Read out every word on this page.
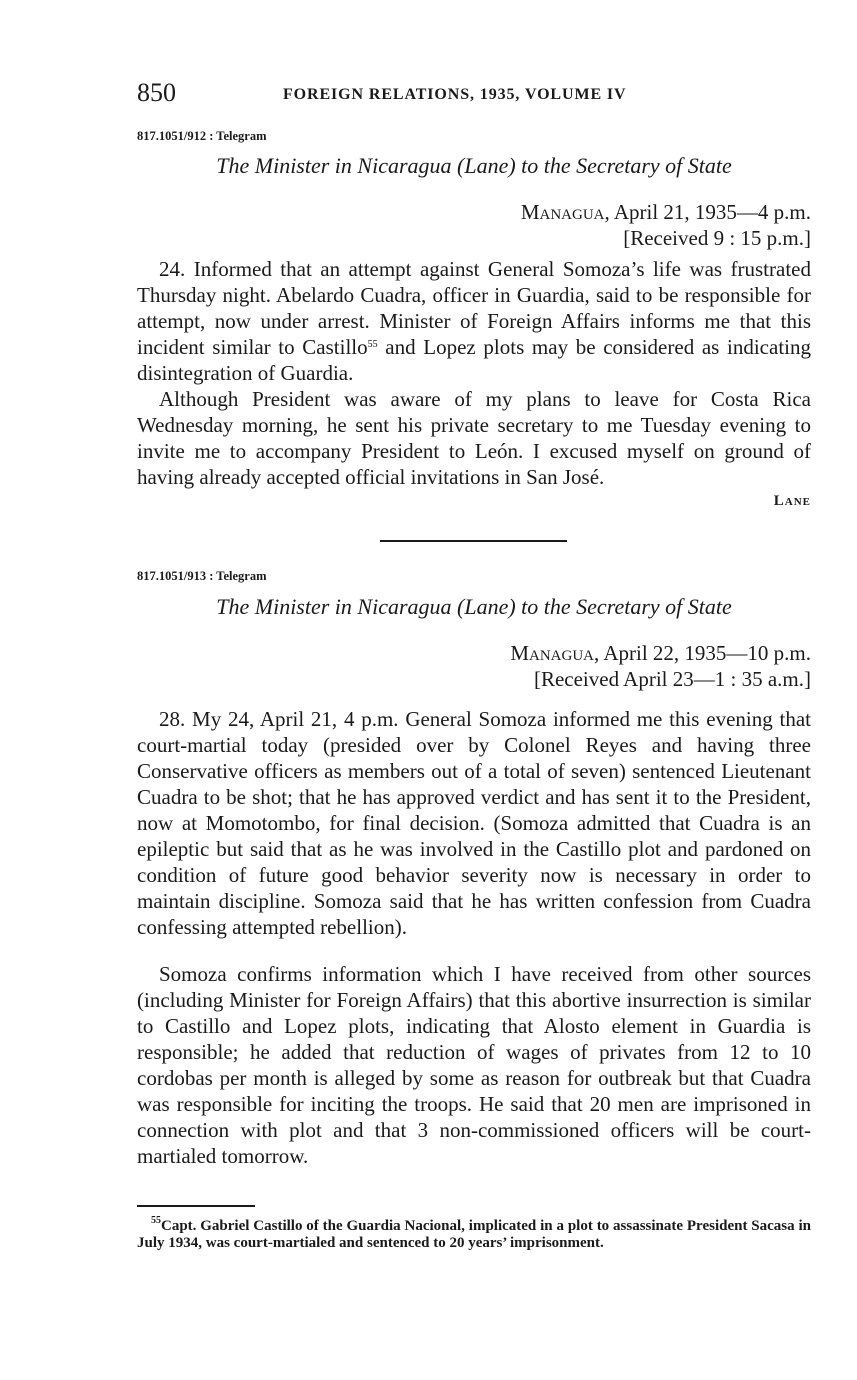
850	FOREIGN RELATIONS, 1935, VOLUME IV
817.1051/912 : Telegram
The Minister in Nicaragua (Lane) to the Secretary of State
Managua, April 21, 1935—4 p.m.
[Received 9 : 15 p.m.]
24. Informed that an attempt against General Somoza’s life was frustrated Thursday night. Abelardo Cuadra, officer in Guardia, said to be responsible for attempt, now under arrest. Minister of Foreign Affairs informs me that this incident similar to Castillo$^{55}$ and Lopez plots may be considered as indicating disintegration of Guardia.
Although President was aware of my plans to leave for Costa Rica Wednesday morning, he sent his private secretary to me Tuesday evening to invite me to accompany President to León. I excused myself on ground of having already accepted official invitations in San José.
Lane
817.1051/913 : Telegram
The Minister in Nicaragua (Lane) to the Secretary of State
Managua, April 22, 1935—10 p.m.
[Received April 23—1 : 35 a.m.]
28. My 24, April 21, 4 p.m. General Somoza informed me this evening that court-martial today (presided over by Colonel Reyes and having three Conservative officers as members out of a total of seven) sentenced Lieutenant Cuadra to be shot; that he has approved verdict and has sent it to the President, now at Momotombo, for final decision. (Somoza admitted that Cuadra is an epileptic but said that as he was involved in the Castillo plot and pardoned on condition of future good behavior severity now is necessary in order to maintain discipline. Somoza said that he has written confession from Cuadra confessing attempted rebellion).
Somoza confirms information which I have received from other sources (including Minister for Foreign Affairs) that this abortive insurrection is similar to Castillo and Lopez plots, indicating that Alosto element in Guardia is responsible; he added that reduction of wages of privates from 12 to 10 cordobas per month is alleged by some as reason for outbreak but that Cuadra was responsible for inciting the troops. He said that 20 men are imprisoned in connection with plot and that 3 non-commissioned officers will be court-martialed tomorrow.
$^{55}$Capt. Gabriel Castillo of the Guardia Nacional, implicated in a plot to assassinate President Sacasa in July 1934, was court-martialed and sentenced to 20 years’ imprisonment.
